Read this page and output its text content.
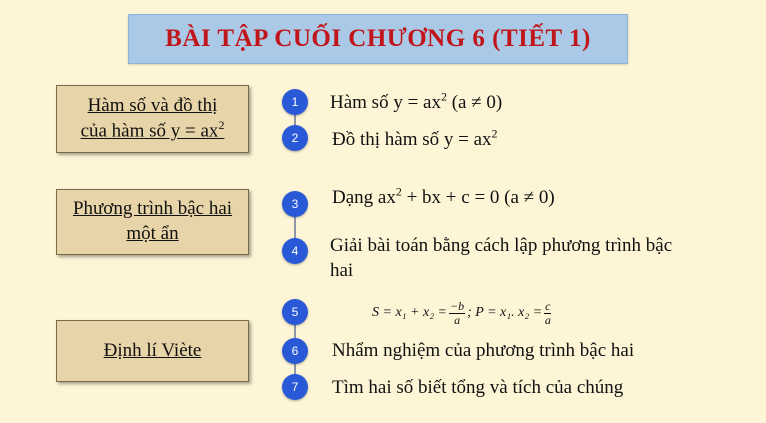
BÀI TẬP CUỐI CHƯƠNG 6 (TIẾT 1)
Hàm số và đồ thị
của hàm số $y = ax^2$
Phương trình bậc hai
một ẩn
Định lí Viète
1
2
3
4
5
6
7
Hàm số $y = ax^2$ (a ≠ 0)
Đồ thị hàm số $y = ax^2$
Dạng $ax^2$ + bx + c = 0 (a ≠ 0)
Giải bài toán bằng cách lập phương trình bậc
hai
$S = x_1 + x_2 = \frac{-b}{a}$ ; P = x₁. $x_2 = \frac{c}{a}$
Nhẩm nghiệm của phương trình bậc hai
Tìm hai số biết tổng và tích của chúng
